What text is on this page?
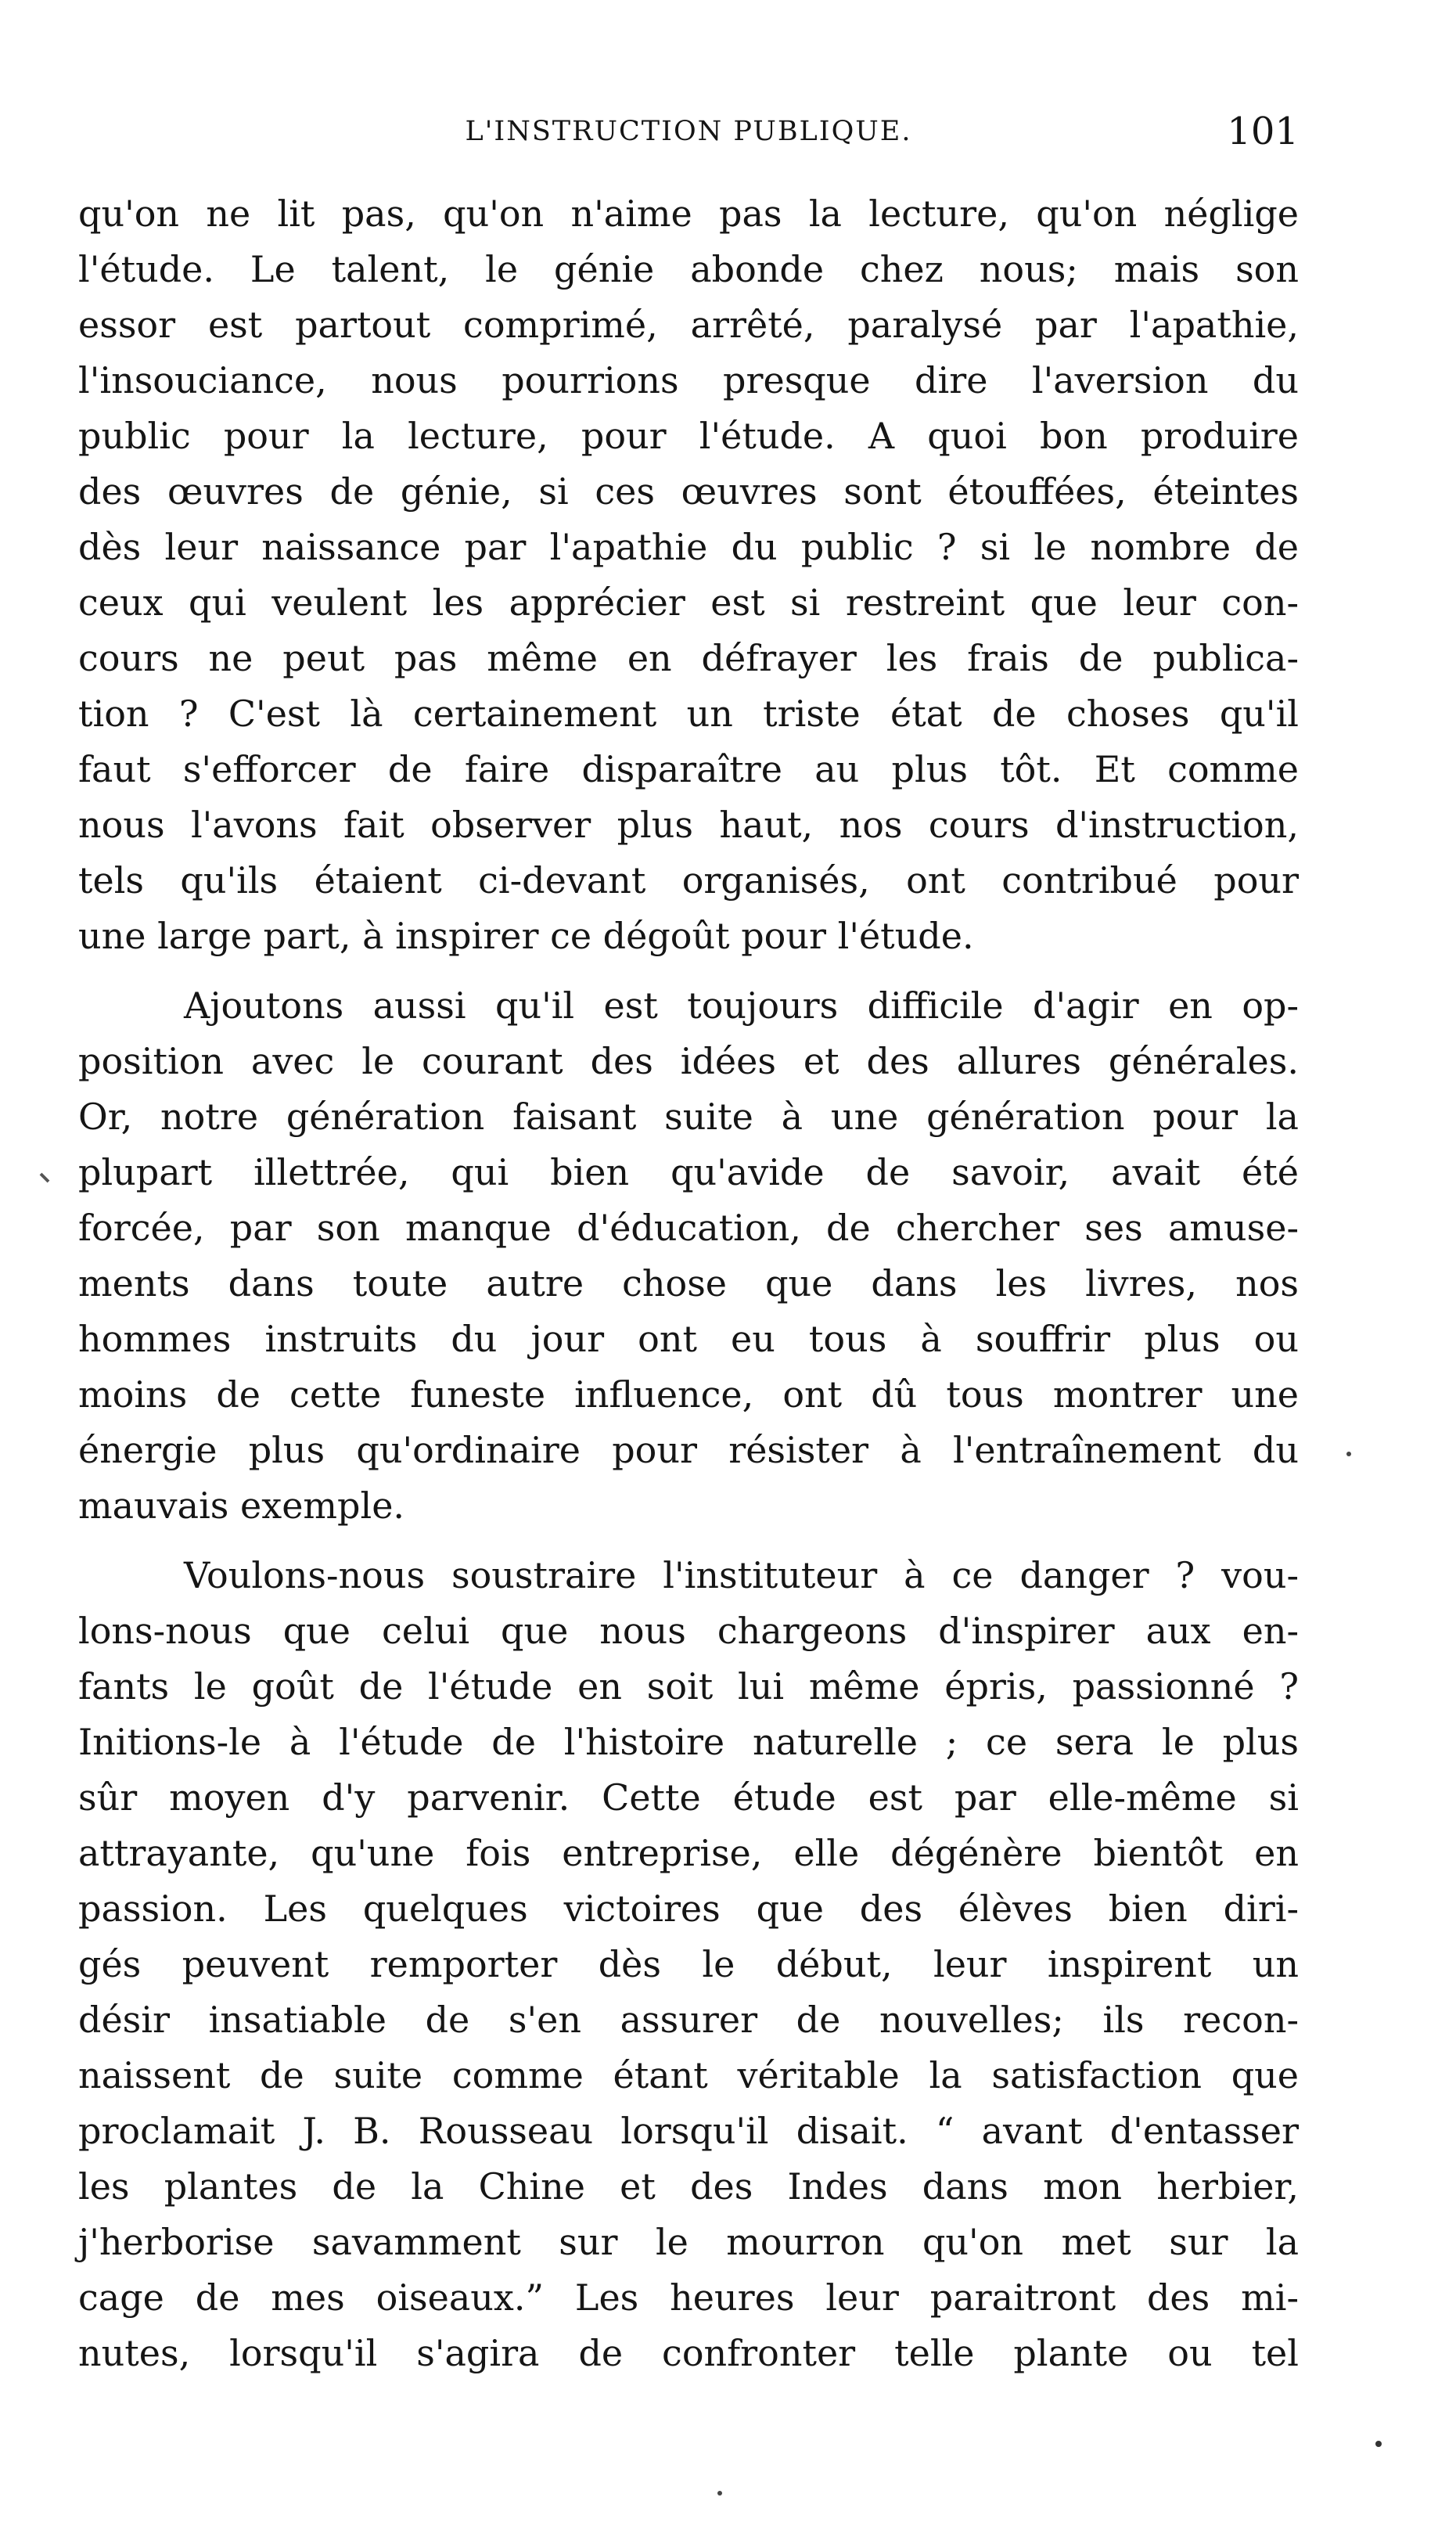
L'INSTRUCTION PUBLIQUE.	101
qu'on ne lit pas, qu'on n'aime pas la lecture, qu'on néglige
l'étude. Le talent, le génie abonde chez nous; mais son
essor est partout comprimé, arrêté, paralysé par l'apathie,
l'insouciance, nous pourrions presque dire l'aversion du
public pour la lecture, pour l'étude. A quoi bon produire
des œuvres de génie, si ces œuvres sont étouffées, éteintes
dès leur naissance par l'apathie du public ? si le nombre de
ceux qui veulent les apprécier est si restreint que leur con-
cours ne peut pas même en défrayer les frais de publica-
tion ? C'est là certainement un triste état de choses qu'il
faut s'efforcer de faire disparaître au plus tôt. Et comme
nous l'avons fait observer plus haut, nos cours d'instruction,
tels qu'ils étaient ci-devant organisés, ont contribué pour
une large part, à inspirer ce dégoût pour l'étude.
Ajoutons aussi qu'il est toujours difficile d'agir en op-
position avec le courant des idées et des allures générales.
Or, notre génération faisant suite à une génération pour la
plupart illettrée, qui bien qu'avide de savoir, avait été
forcée, par son manque d'éducation, de chercher ses amuse-
ments dans toute autre chose que dans les livres, nos
hommes instruits du jour ont eu tous à souffrir plus ou
moins de cette funeste influence, ont dû tous montrer une
énergie plus qu'ordinaire pour résister à l'entraînement du
mauvais exemple.
Voulons-nous soustraire l'instituteur à ce danger ? vou-
lons-nous que celui que nous chargeons d'inspirer aux en-
fants le goût de l'étude en soit lui même épris, passionné ?
Initions-le à l'étude de l'histoire naturelle ; ce sera le plus
sûr moyen d'y parvenir. Cette étude est par elle-même si
attrayante, qu'une fois entreprise, elle dégénère bientôt en
passion. Les quelques victoires que des élèves bien diri-
gés peuvent remporter dès le début, leur inspirent un
désir insatiable de s'en assurer de nouvelles; ils recon-
naissent de suite comme étant véritable la satisfaction que
proclamait J. B. Rousseau lorsqu'il disait. “ avant d'entasser
les plantes de la Chine et des Indes dans mon herbier,
j'herborise savamment sur le mourron qu'on met sur la
cage de mes oiseaux.” Les heures leur paraitront des mi-
nutes, lorsqu'il s'agira de confronter telle plante ou tel
